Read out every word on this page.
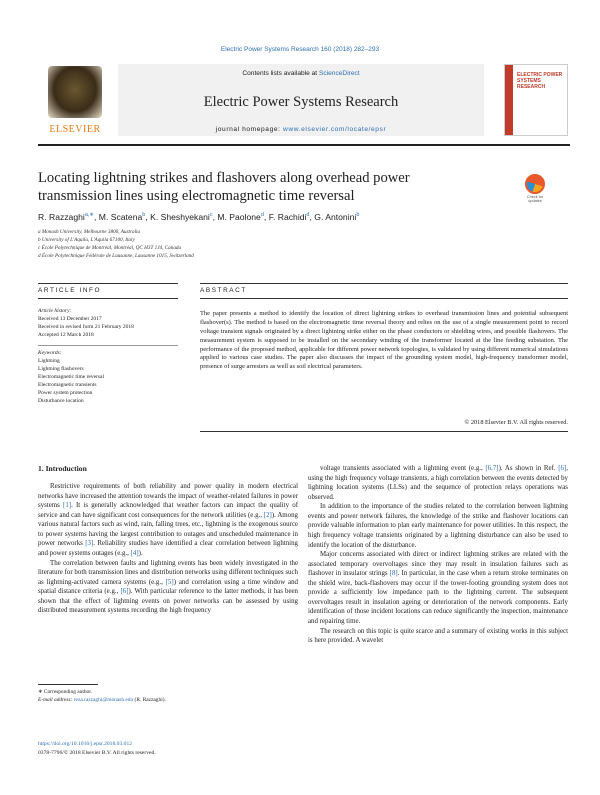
Electric Power Systems Research 160 (2018) 282–293
ELSEVIER
Contents lists available at ScienceDirect
Electric Power Systems Research
journal homepage: www.elsevier.com/locate/epsr
ELECTRIC POWER SYSTEMS RESEARCH
Locating lightning strikes and flashovers along overhead power transmission lines using electromagnetic time reversal	Check for updates
R. Razzaghi$^{a,∗}$, M. Scatena$^b$, K. Sheshyekani$^c$, M. Paolone$^d$, F. Rachidi$^d$, G. Antonini$^b$
a Monash University, Melbourne 3800, Australia
b University of L'Aquila, L'Aquila 67100, Italy
c École Polytechnique de Montréal, Montréal, QC H3T 1J4, Canada
d École Polytechnique Fédérale de Lausanne, Lausanne 1015, Switzerland
ARTICLE INFO	ABSTRACT
Article history:
Received 13 December 2017
Received in revised form 21 February 2018
Accepted 12 March 2018
Keywords:
Lightning
Lightning flashovers
Electromagnetic time reversal
Electromagnetic transients
Power system protection
Disturbance location
The paper presents a method to identify the location of direct lightning strikes to overhead transmission lines and potential subsequent flashover(s). The method is based on the electromagnetic time reversal theory and relies on the use of a single measurement point to record voltage transient signals originated by a direct lightning strike either on the phase conductors or shielding wires, and possible flashovers. The measurement system is supposed to be installed on the secondary winding of the transformer located at the line feeding substation. The performance of the proposed method, applicable for different power network topologies, is validated by using different numerical simulations applied to various case studies. The paper also discusses the impact of the grounding system model, high-frequency transformer model, presence of surge arresters as well as soil electrical parameters.
© 2018 Elsevier B.V. All rights reserved.
1. Introduction

Restrictive requirements of both reliability and power quality in modern electrical networks have increased the attention towards the impact of weather-related failures in power systems [1]. It is generally acknowledged that weather factors can impact the quality of service and can have significant cost consequences for the network utilities (e.g., [2]). Among various natural factors such as wind, rain, falling trees, etc., lightning is the exogenous source to power systems having the largest contribution to outages and unscheduled maintenance in power networks [3]. Reliability studies have identified a clear correlation between lightning and power systems outages (e.g., [4]).

The correlation between faults and lightning events has been widely investigated in the literature for both transmission lines and distribution networks using different techniques such as lightning-activated camera systems (e.g., [5]) and correlation using a time window and spatial distance criteria (e.g., [6]). With particular reference to the latter methods, it has been shown that the effect of lightning events on power networks can be assessed by using distributed measurement systems recording the high frequency

voltage transients associated with a lightning event (e.g., [6,7]). As shown in Ref. [6], using the high frequency voltage transients, a high correlation between the events detected by lightning location systems (LLSs) and the sequence of protection relays operations was observed.

In addition to the importance of the studies related to the correlation between lightning events and power network failures, the knowledge of the strike and flashover locations can provide valuable information to plan early maintenance for power utilities. In this respect, the high frequency voltage transients originated by a lightning disturbance can also be used to identify the location of the disturbance.

Major concerns associated with direct or indirect lightning strikes are related with the associated temporary overvoltages since they may result in insulation failures such as flashover in insulator strings [8]. In particular, in the case when a return stroke terminates on the shield wire, back-flashovers may occur if the tower-footing grounding system does not provide a sufficiently low impedance path to the lightning current. The subsequent overvoltages result in insulation ageing or deterioration of the network components. Early identification of those incident locations can reduce significantly the inspection, maintenance and repairing time.

The research on this topic is quite scarce and a summary of existing works in this subject is here provided. A wavelet

∗ Corresponding author.
E-mail address: reza.razzaghi@monash.edu (R. Razzaghi).
https://doi.org/10.1016/j.epsr.2018.03.012
0378-7796/© 2018 Elsevier B.V. All rights reserved.
